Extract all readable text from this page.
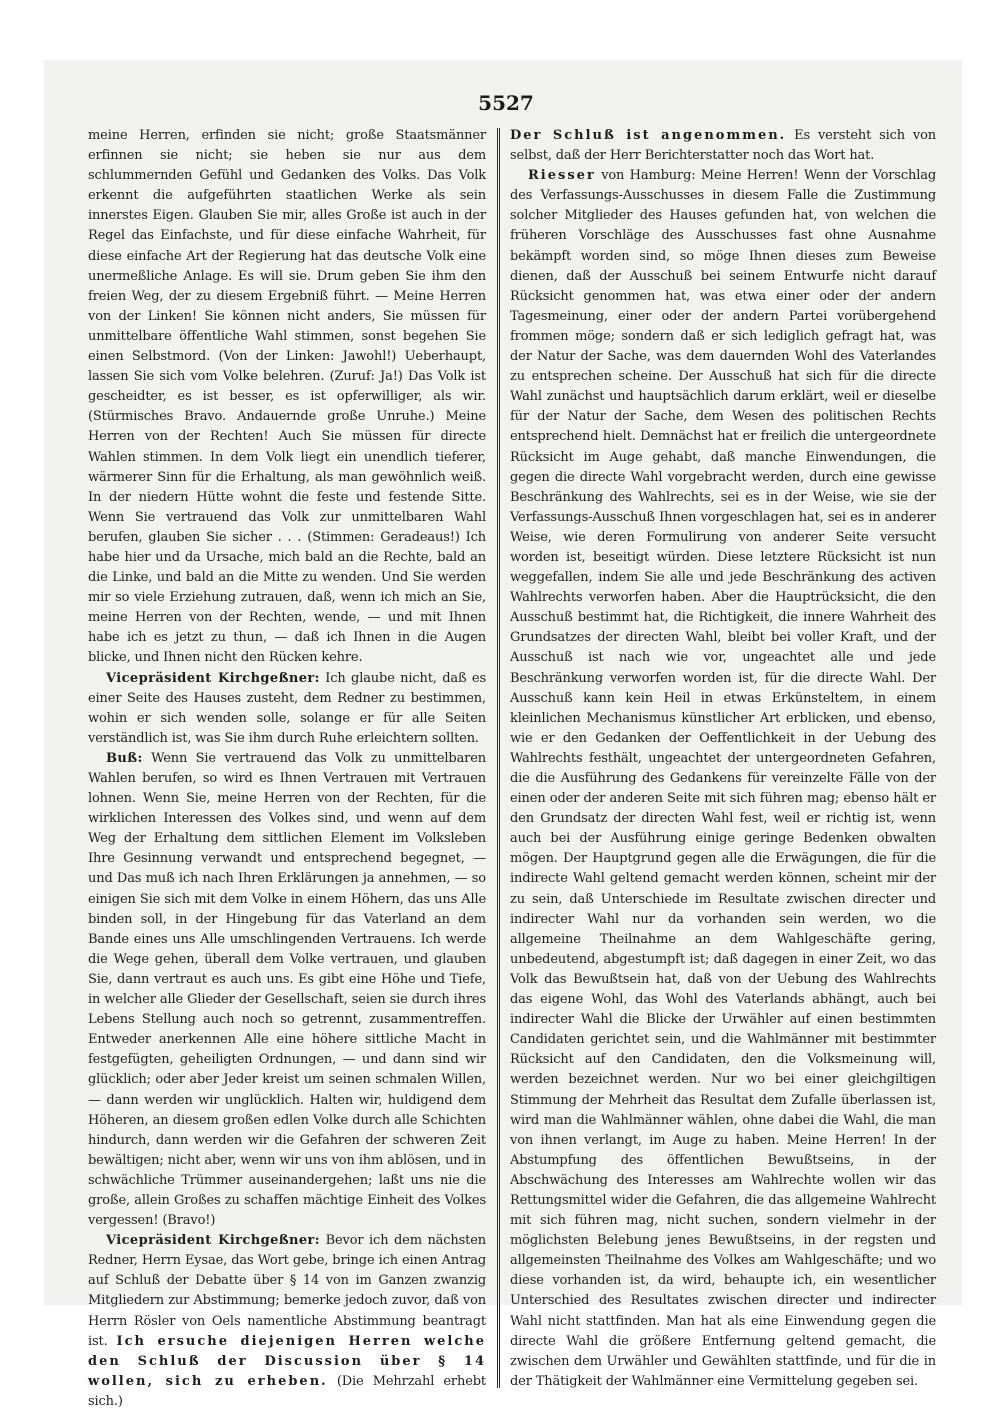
5527

meine Herren, erfinden sie nicht; große Staatsmänner erfinnen sie nicht; sie heben sie nur aus dem schlummernden Gefühl und Gedanken des Volks. Das Volk erkennt die aufgeführten staatlichen Werke als sein innerstes Eigen. Glauben Sie mir, alles Große ist auch in der Regel das Einfachste, und für diese einfache Wahrheit, für diese einfache Art der Regierung hat das deutsche Volk eine unermeßliche Anlage. Es will sie. Drum geben Sie ihm den freien Weg, der zu diesem Ergebniß führt. — Meine Herren von der Linken! Sie können nicht anders, Sie müssen für unmittelbare öffentliche Wahl stimmen, sonst begehen Sie einen Selbstmord. (Von der Linken: Jawohl!) Ueberhaupt, lassen Sie sich vom Volke belehren. (Zuruf: Ja!) Das Volk ist gescheidter, es ist besser, es ist opferwilliger, als wir. (Stürmisches Bravo. Andauernde große Unruhe.) Meine Herren von der Rechten! Auch Sie müssen für directe Wahlen stimmen. In dem Volk liegt ein unendlich tieferer, wärmerer Sinn für die Erhaltung, als man gewöhnlich weiß. In der niedern Hütte wohnt die feste und festende Sitte. Wenn Sie vertrauend das Volk zur unmittelbaren Wahl berufen, glauben Sie sicher . . . (Stimmen: Geradeaus!) Ich habe hier und da Ursache, mich bald an die Rechte, bald an die Linke, und bald an die Mitte zu wenden. Und Sie werden mir so viele Erziehung zutrauen, daß, wenn ich mich an Sie, meine Herren von der Rechten, wende, — und mit Ihnen habe ich es jetzt zu thun, — daß ich Ihnen in die Augen blicke, und Ihnen nicht den Rücken kehre.

Vicepräsident Kirchgeßner: Ich glaube nicht, daß es einer Seite des Hauses zusteht, dem Redner zu bestimmen, wohin er sich wenden solle, solange er für alle Seiten verständlich ist, was Sie ihm durch Ruhe erleichtern sollten.

Buß: Wenn Sie vertrauend das Volk zu unmittelbaren Wahlen berufen, so wird es Ihnen Vertrauen mit Vertrauen lohnen. Wenn Sie, meine Herren von der Rechten, für die wirklichen Interessen des Volkes sind, und wenn auf dem Weg der Erhaltung dem sittlichen Element im Volksleben Ihre Gesinnung verwandt und entsprechend begegnet, — und Das muß ich nach Ihren Erklärungen ja annehmen, — so einigen Sie sich mit dem Volke in einem Höhern, das uns Alle binden soll, in der Hingebung für das Vaterland an dem Bande eines uns Alle umschlingenden Vertrauens. Ich werde die Wege gehen, überall dem Volke vertrauen, und glauben Sie, dann vertraut es auch uns. Es gibt eine Höhe und Tiefe, in welcher alle Glieder der Gesellschaft, seien sie durch ihres Lebens Stellung auch noch so getrennt, zusammentreffen. Entweder anerkennen Alle eine höhere sittliche Macht in festgefügten, geheiligten Ordnungen, — und dann sind wir glücklich; oder aber Jeder kreist um seinen schmalen Willen, — dann werden wir unglücklich. Halten wir, huldigend dem Höheren, an diesem großen edlen Volke durch alle Schichten hindurch, dann werden wir die Gefahren der schweren Zeit bewältigen; nicht aber, wenn wir uns von ihm ablösen, und in schwächliche Trümmer auseinandergehen; laßt uns nie die große, allein Großes zu schaffen mächtige Einheit des Volkes vergessen! (Bravo!)

Vicepräsident Kirchgeßner: Bevor ich dem nächsten Redner, Herrn Eysae, das Wort gebe, bringe ich einen Antrag auf Schluß der Debatte über § 14 von im Ganzen zwanzig Mitgliedern zur Abstimmung; bemerke jedoch zuvor, daß von Herrn Rösler von Oels namentliche Abstimmung beantragt ist. Ich ersuche diejenigen Herren welche den Schluß der Discussion über § 14 wollen, sich zu erheben. (Die Mehrzahl erhebt sich.)

Der Schluß ist angenommen. Es versteht sich von selbst, daß der Herr Berichterstatter noch das Wort hat.

Riesser von Hamburg: Meine Herren! Wenn der Vorschlag des Verfassungs-Ausschusses in diesem Falle die Zustimmung solcher Mitglieder des Hauses gefunden hat, von welchen die früheren Vorschläge des Ausschusses fast ohne Ausnahme bekämpft worden sind, so möge Ihnen dieses zum Beweise dienen, daß der Ausschuß bei seinem Entwurfe nicht darauf Rücksicht genommen hat, was etwa einer oder der andern Tagesmeinung, einer oder der andern Partei vorübergehend frommen möge; sondern daß er sich lediglich gefragt hat, was der Natur der Sache, was dem dauernden Wohl des Vaterlandes zu entsprechen scheine. Der Ausschuß hat sich für die directe Wahl zunächst und hauptsächlich darum erklärt, weil er dieselbe für der Natur der Sache, dem Wesen des politischen Rechts entsprechend hielt. Demnächst hat er freilich die untergeordnete Rücksicht im Auge gehabt, daß manche Einwendungen, die gegen die directe Wahl vorgebracht werden, durch eine gewisse Beschränkung des Wahlrechts, sei es in der Weise, wie sie der Verfassungs-Ausschuß Ihnen vorgeschlagen hat, sei es in anderer Weise, wie deren Formulirung von anderer Seite versucht worden ist, beseitigt würden. Diese letztere Rücksicht ist nun weggefallen, indem Sie alle und jede Beschränkung des activen Wahlrechts verworfen haben. Aber die Hauptrücksicht, die den Ausschuß bestimmt hat, die Richtigkeit, die innere Wahrheit des Grundsatzes der directen Wahl, bleibt bei voller Kraft, und der Ausschuß ist nach wie vor, ungeachtet alle und jede Beschränkung verworfen worden ist, für die directe Wahl. Der Ausschuß kann kein Heil in etwas Erkünsteltem, in einem kleinlichen Mechanismus künstlicher Art erblicken, und ebenso, wie er den Gedanken der Oeffentlichkeit in der Uebung des Wahlrechts festhält, ungeachtet der untergeordneten Gefahren, die die Ausführung des Gedankens für vereinzelte Fälle von der einen oder der anderen Seite mit sich führen mag; ebenso hält er den Grundsatz der directen Wahl fest, weil er richtig ist, wenn auch bei der Ausführung einige geringe Bedenken obwalten mögen. Der Hauptgrund gegen alle die Erwägungen, die für die indirecte Wahl geltend gemacht werden können, scheint mir der zu sein, daß Unterschiede im Resultate zwischen directer und indirecter Wahl nur da vorhanden sein werden, wo die allgemeine Theilnahme an dem Wahlgeschäfte gering, unbedeutend, abgestumpft ist; daß dagegen in einer Zeit, wo das Volk das Bewußtsein hat, daß von der Uebung des Wahlrechts das eigene Wohl, das Wohl des Vaterlands abhängt, auch bei indirecter Wahl die Blicke der Urwähler auf einen bestimmten Candidaten gerichtet sein, und die Wahlmänner mit bestimmter Rücksicht auf den Candidaten, den die Volksmeinung will, werden bezeichnet werden. Nur wo bei einer gleichgiltigen Stimmung der Mehrheit das Resultat dem Zufalle überlassen ist, wird man die Wahlmänner wählen, ohne dabei die Wahl, die man von ihnen verlangt, im Auge zu haben. Meine Herren! In der Abstumpfung des öffentlichen Bewußtseins, in der Abschwächung des Interesses am Wahlrechte wollen wir das Rettungsmittel wider die Gefahren, die das allgemeine Wahlrecht mit sich führen mag, nicht suchen, sondern vielmehr in der möglichsten Belebung jenes Bewußtseins, in der regsten und allgemeinsten Theilnahme des Volkes am Wahlgeschäfte; und wo diese vorhanden ist, da wird, behaupte ich, ein wesentlicher Unterschied des Resultates zwischen directer und indirecter Wahl nicht stattfinden. Man hat als eine Einwendung gegen die directe Wahl die größere Entfernung geltend gemacht, die zwischen dem Urwähler und Gewählten stattfinde, und für die in der Thätigkeit der Wahlmänner eine Vermittelung gegeben sei.
